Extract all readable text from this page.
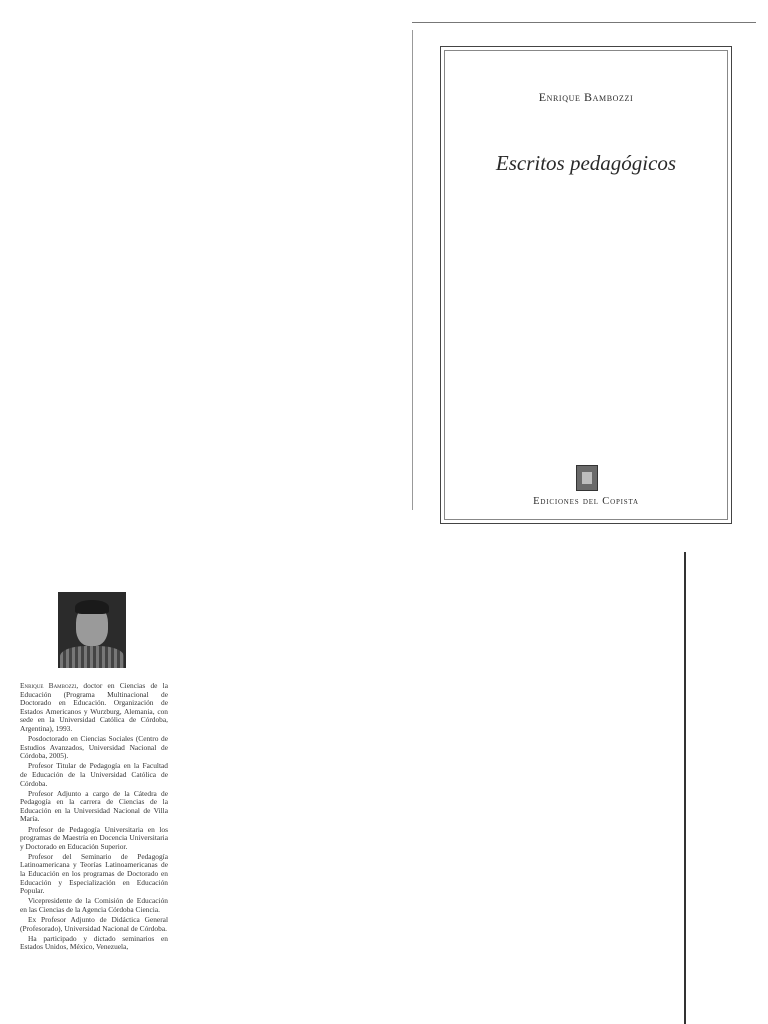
Enrique Bambozzi
Escritos pedagógicos
Ediciones del Copista

Enrique Bambozzi, doctor en Ciencias de la Educación (Programa Multinacional de Doctorado en Educación. Organización de Estados Americanos y Wurzburg, Alemania, con sede en la Universidad Católica de Córdoba, Argentina), 1993.

Posdoctorado en Ciencias Sociales (Centro de Estudios Avanzados, Universidad Nacional de Córdoba, 2005).

Profesor Titular de Pedagogía en la Facultad de Educación de la Universidad Católica de Córdoba.

Profesor Adjunto a cargo de la Cátedra de Pedagogía en la carrera de Ciencias de la Educación en la Universidad Nacional de Villa María.

Profesor de Pedagogía Universitaria en los programas de Maestría en Docencia Universitaria y Doctorado en Educación Superior.

Profesor del Seminario de Pedagogía Latinoamericana y Teorías Latinoamericanas de la Educación en los programas de Doctorado en Educación y Especialización en Educación Popular.

Vicepresidente de la Comisión de Educación en las Ciencias de la Agencia Córdoba Ciencia.

Ex Profesor Adjunto de Didáctica General (Profesorado), Universidad Nacional de Córdoba.

Ha participado y dictado seminarios en Estados Unidos, México, Venezuela,
